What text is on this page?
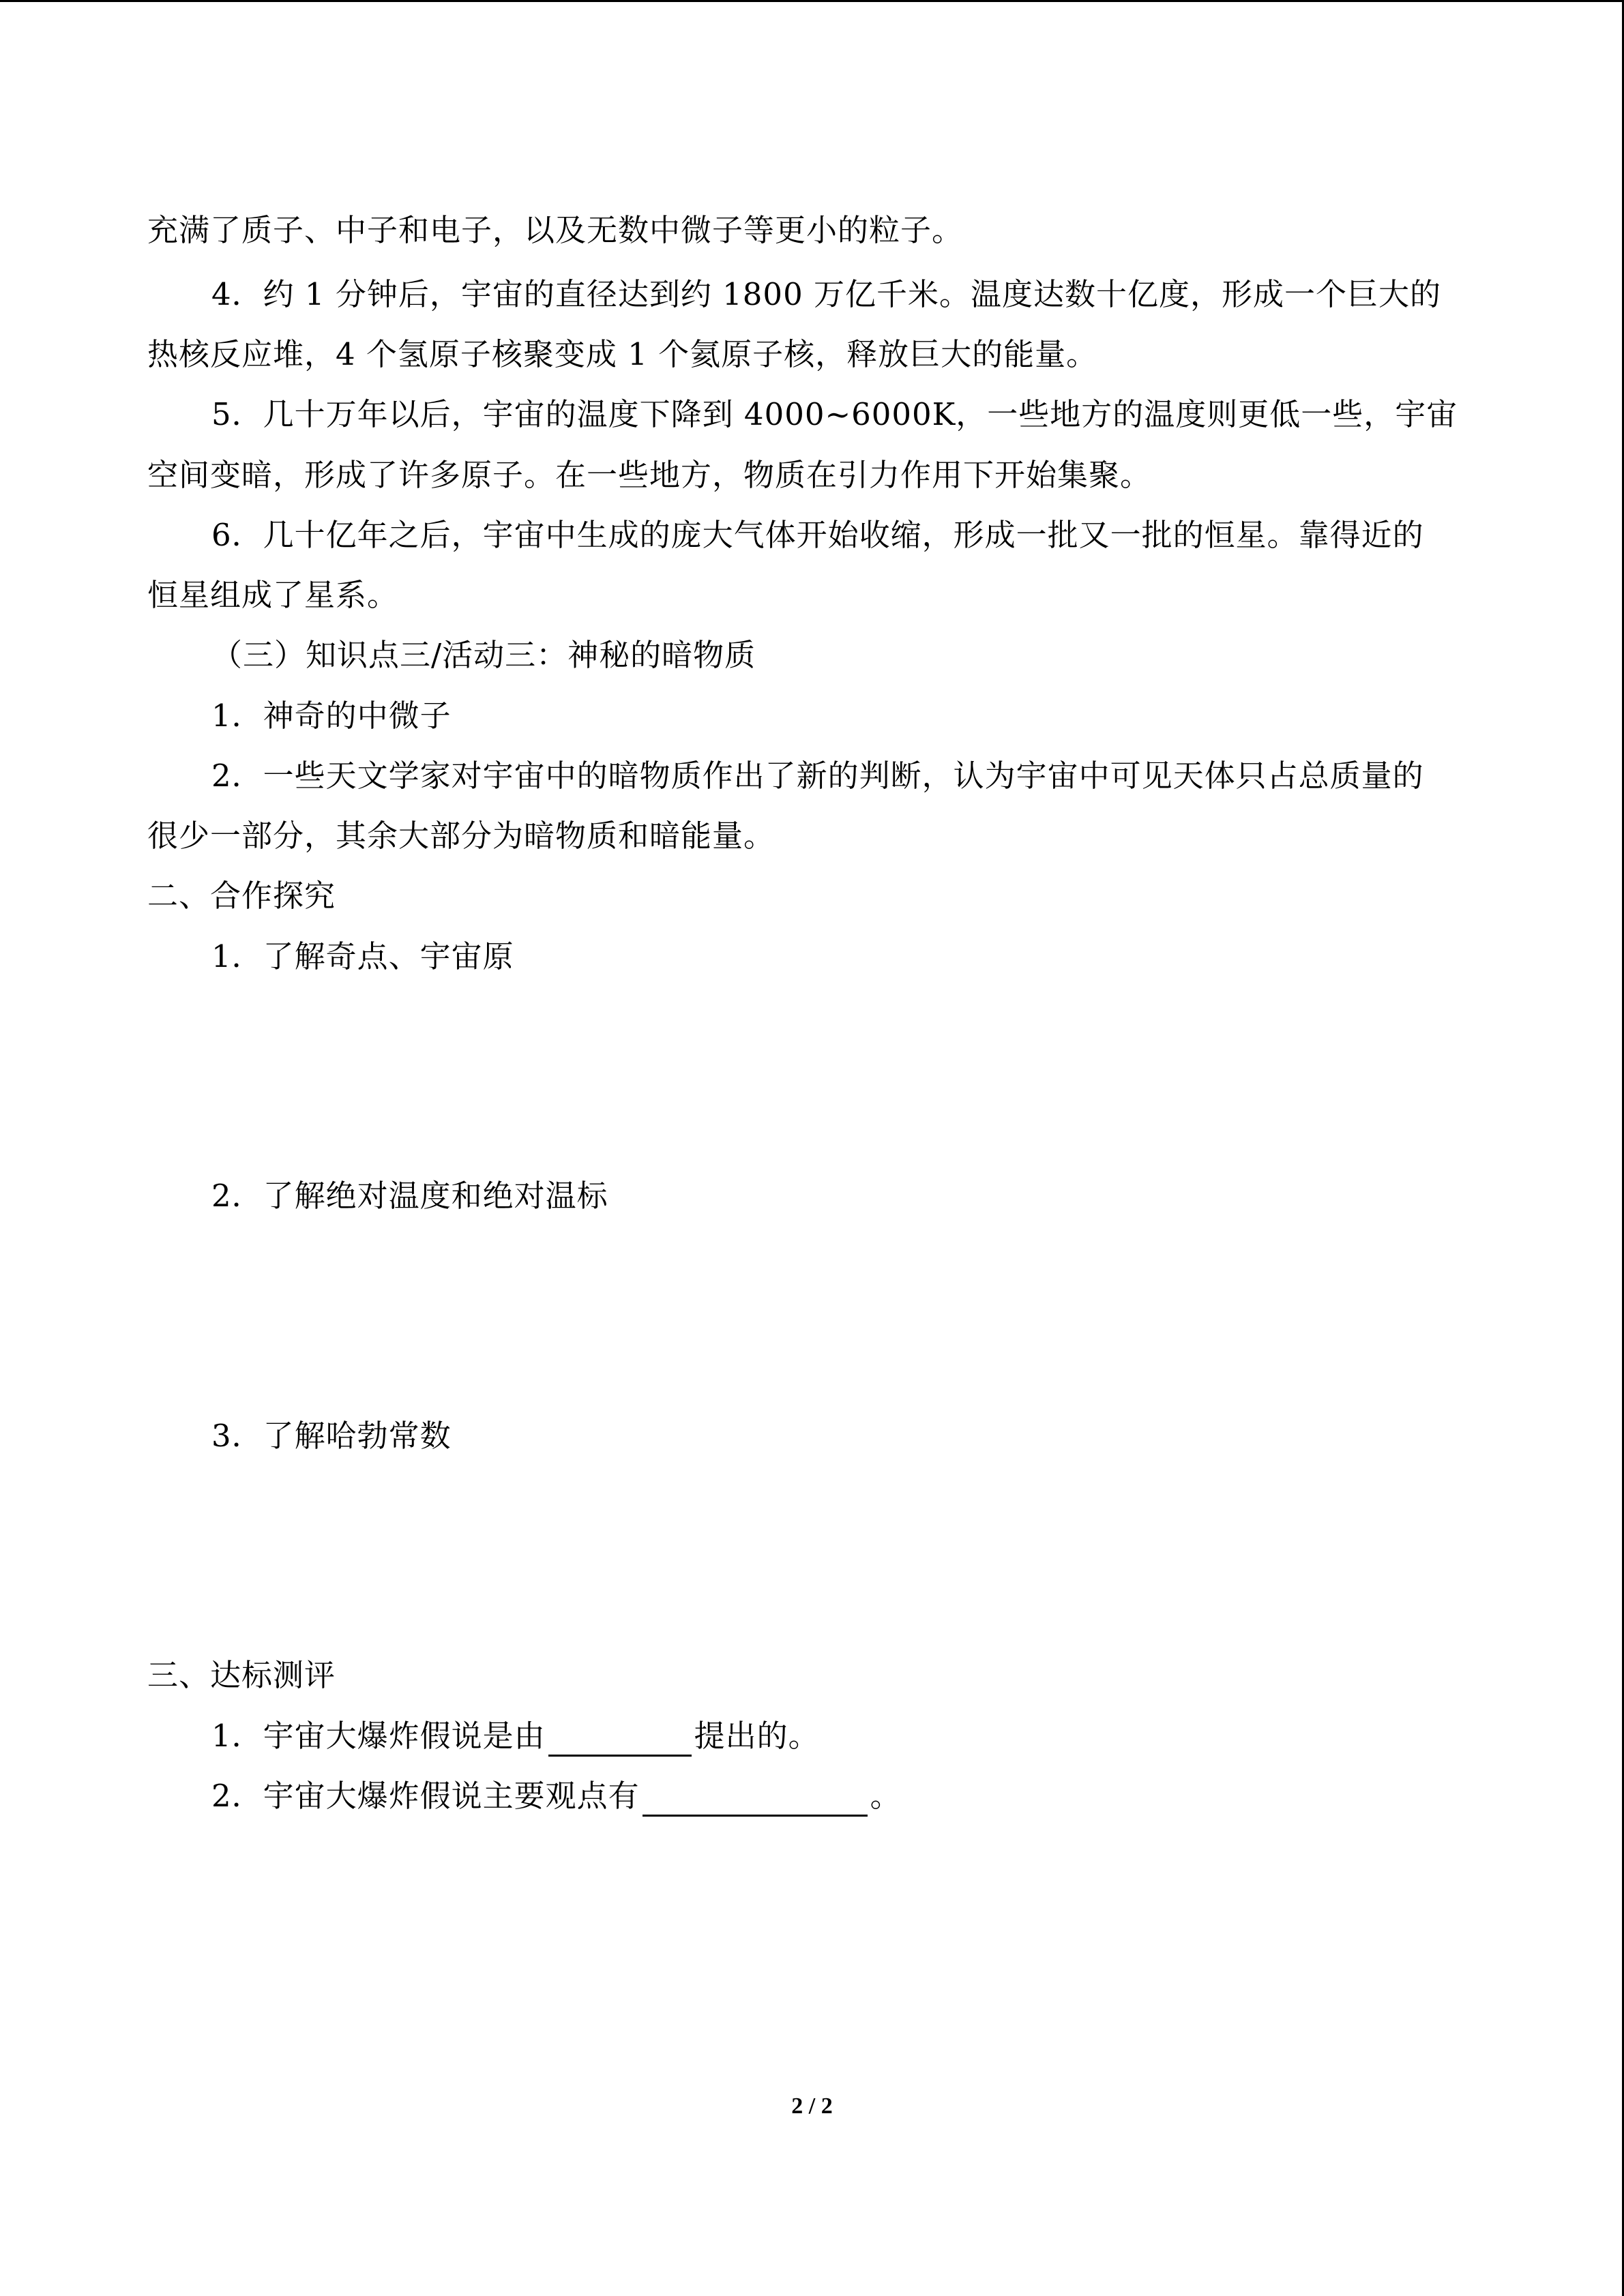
充满了质子、中子和电子，以及无数中微子等更小的粒子。
4．约 1 分钟后，宇宙的直径达到约 1800 万亿千米。温度达数十亿度，形成一个巨大的
热核反应堆，4 个氢原子核聚变成 1 个氦原子核，释放巨大的能量。
5．几十万年以后，宇宙的温度下降到 4000~6000K，一些地方的温度则更低一些，宇宙
空间变暗，形成了许多原子。在一些地方，物质在引力作用下开始集聚。
6．几十亿年之后，宇宙中生成的庞大气体开始收缩，形成一批又一批的恒星。靠得近的
恒星组成了星系。
（三）知识点三/活动三：神秘的暗物质
1．神奇的中微子
2．一些天文学家对宇宙中的暗物质作出了新的判断，认为宇宙中可见天体只占总质量的
很少一部分，其余大部分为暗物质和暗能量。
二、合作探究
1．了解奇点、宇宙原
2．了解绝对温度和绝对温标
3．了解哈勃常数
三、达标测评
1．宇宙大爆炸假说是由	提出的。
2．宇宙大爆炸假说主要观点有	。
2 / 2
